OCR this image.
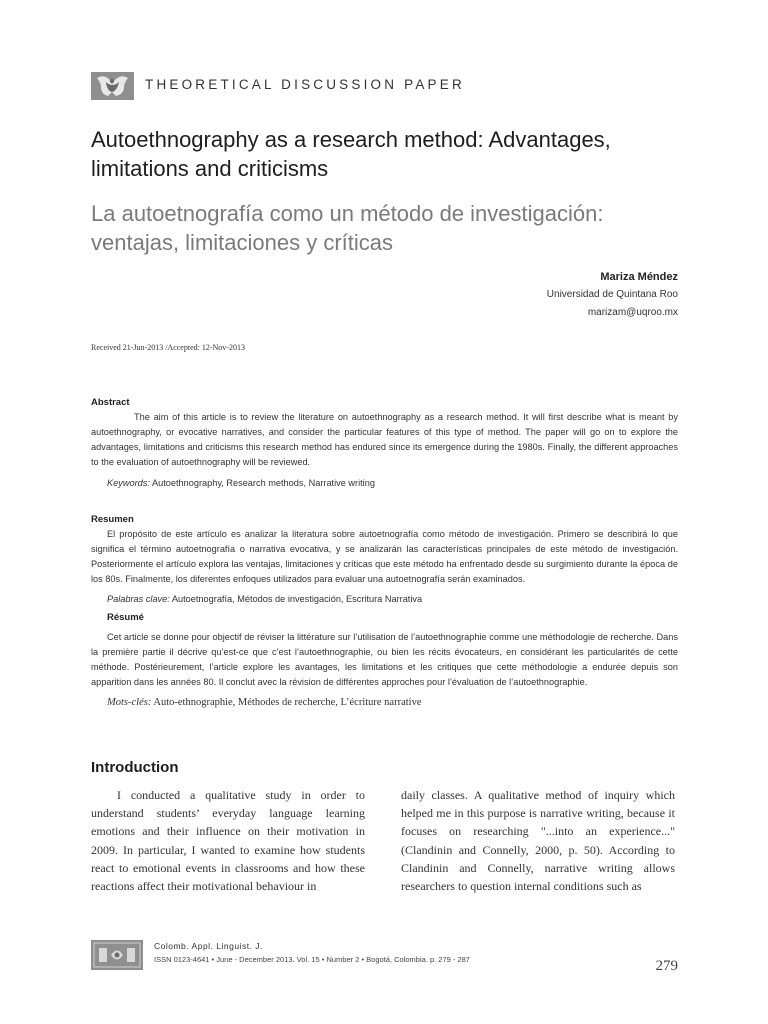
THEORETICAL DISCUSSION PAPER
Autoethnography as a research method: Advantages,
limitations and criticisms
La autoetnografía como un método de investigación:
ventajas, limitaciones y críticas
Mariza Méndez
Universidad de Quintana Roo
marizam@uqroo.mx
Received 21-Jun-2013 /Accepted: 12-Nov-2013
Abstract
The aim of this article is to review the literature on autoethnography as a research method. It will first describe what is meant by autoethnography, or evocative narratives, and consider the particular features of this type of method. The paper will go on to explore the advantages, limitations and criticisms this research method has endured since its emergence during the 1980s. Finally, the different approaches to the evaluation of autoethnography will be reviewed.
Keywords: Autoethnography, Research methods, Narrative writing
Resumen
El propósito de este artículo es analizar la literatura sobre autoetnografía como método de investigación. Primero se describirá lo que significa el término autoetnografía o narrativa evocativa, y se analizarán las características principales de este método de investigación. Posteriormente el artículo explora las ventajas, limitaciones y críticas que este método ha enfrentado desde su surgimiento durante la época de los 80s. Finalmente, los diferentes enfoques utilizados para evaluar una autoetnografía serán examinados.
Palabras clave: Autoetnografía, Métodos de investigación, Escritura Narrativa
Résumé
Cet article se donne pour objectif de réviser la littérature sur l’utilisation de l’autoethnographie comme une méthodologie de recherche. Dans la première partie il décrive qu’est-ce que c’est l’autoethnographie, ou bien les récits évocateurs, en considérant les particularités de cette méthode. Postérieurement, l’article explore les avantages, les limitations et les critiques que cette méthodologie a endurée depuis son apparition dans les années 80. Il conclut avec la révision de différentes approches pour l’évaluation de l’autoethnographie.
Mots-clés: Auto-ethnographie, Méthodes de recherche, L’écriture narrative
Introduction
I conducted a qualitative study in order to understand students’ everyday language learning emotions and their influence on their motivation in 2009. In particular, I wanted to examine how students react to emotional events in classrooms and how these reactions affect their motivational behaviour in
daily classes. A qualitative method of inquiry which helped me in this purpose is narrative writing, because it focuses on researching "...into an experience..." (Clandinin and Connelly, 2000, p. 50). According to Clandinin and Connelly, narrative writing allows researchers to question internal conditions such as
Colomb. Appl. Linguist. J.
ISSN 0123-4641 • June - December 2013. Vol. 15 • Number 2 • Bogotá, Colombia. p. 279 - 287	279
